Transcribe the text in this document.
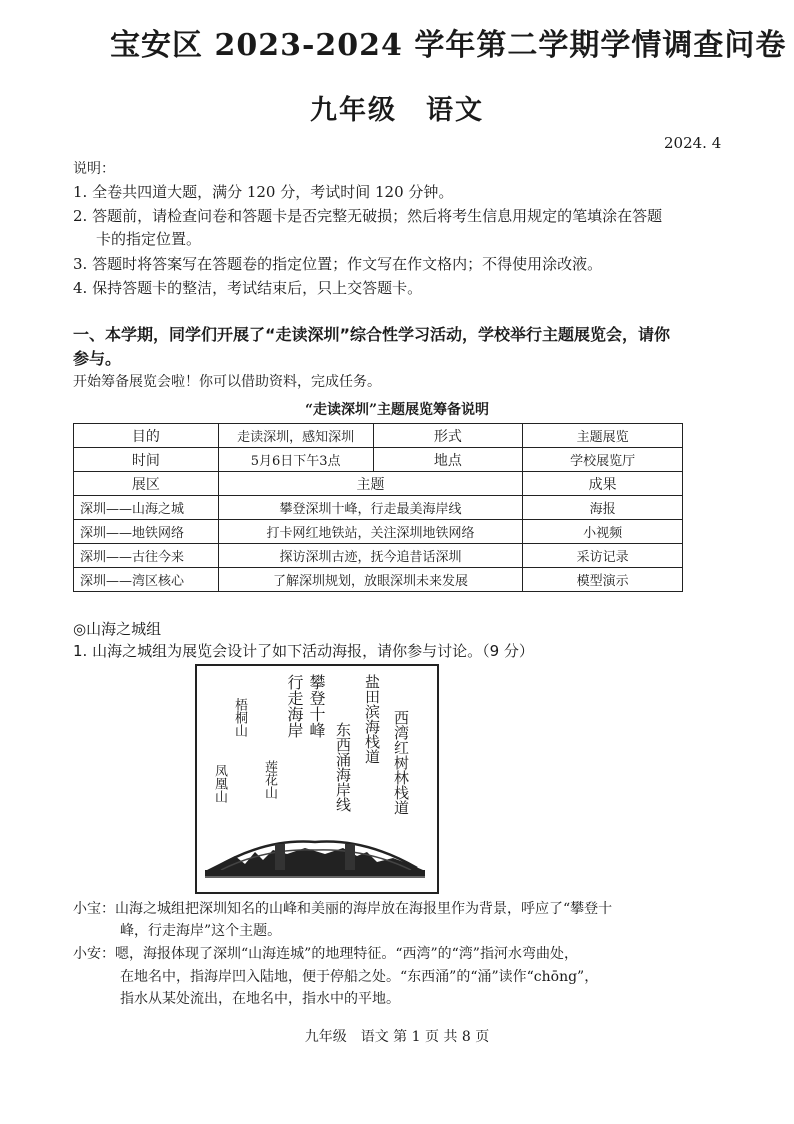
宝安区 2023-2024 学年第二学期学情调查问卷
九年级　语文
2024. 4
说明：
1. 全卷共四道大题，满分 120 分，考试时间 120 分钟。
2. 答题前，请检查问卷和答题卡是否完整无破损；然后将考生信息用规定的笔填涂在答题
卡的指定位置。
3. 答题时将答案写在答题卷的指定位置；作文写在作文格内；不得使用涂改液。
4. 保持答题卡的整洁，考试结束后，只上交答题卡。
一、本学期，同学们开展了“走读深圳”综合性学习活动，学校举行主题展览会，请你
参与。
开始筹备展览会啦！你可以借助资料，完成任务。
“走读深圳”主题展览筹备说明
目的	走读深圳，感知深圳	形式	主题展览
时间	5月6日下午3点	地点	学校展览厅
展区	主题		成果
深圳——山海之城	攀登深圳十峰，行走最美海岸线		海报
深圳——地铁网络	打卡网红地铁站，关注深圳地铁网络		小视频
深圳——古往今来	探访深圳古迹，抚今追昔话深圳		采访记录
深圳——湾区核心	了解深圳规划，放眼深圳未来发展		模型演示
◎山海之城组
1. 山海之城组为展览会设计了如下活动海报，请你参与讨论。（9 分）
梧桐山
凤凰山
行走海岸 攀登十峰
莲花山
盐田滨海栈道
东西涌海岸线	西湾红树林栈道
小宝：山海之城组把深圳知名的山峰和美丽的海岸放在海报里作为背景，呼应了“攀登十
峰，行走海岸”这个主题。
小安：嗯，海报体现了深圳“山海连城”的地理特征。“西湾”的“湾”指河水弯曲处，
在地名中，指海岸凹入陆地，便于停船之处。“东西涌”的“涌”读作“chōng”，
指水从某处流出，在地名中，指水中的平地。
九年级　语文 第 1 页 共 8 页
